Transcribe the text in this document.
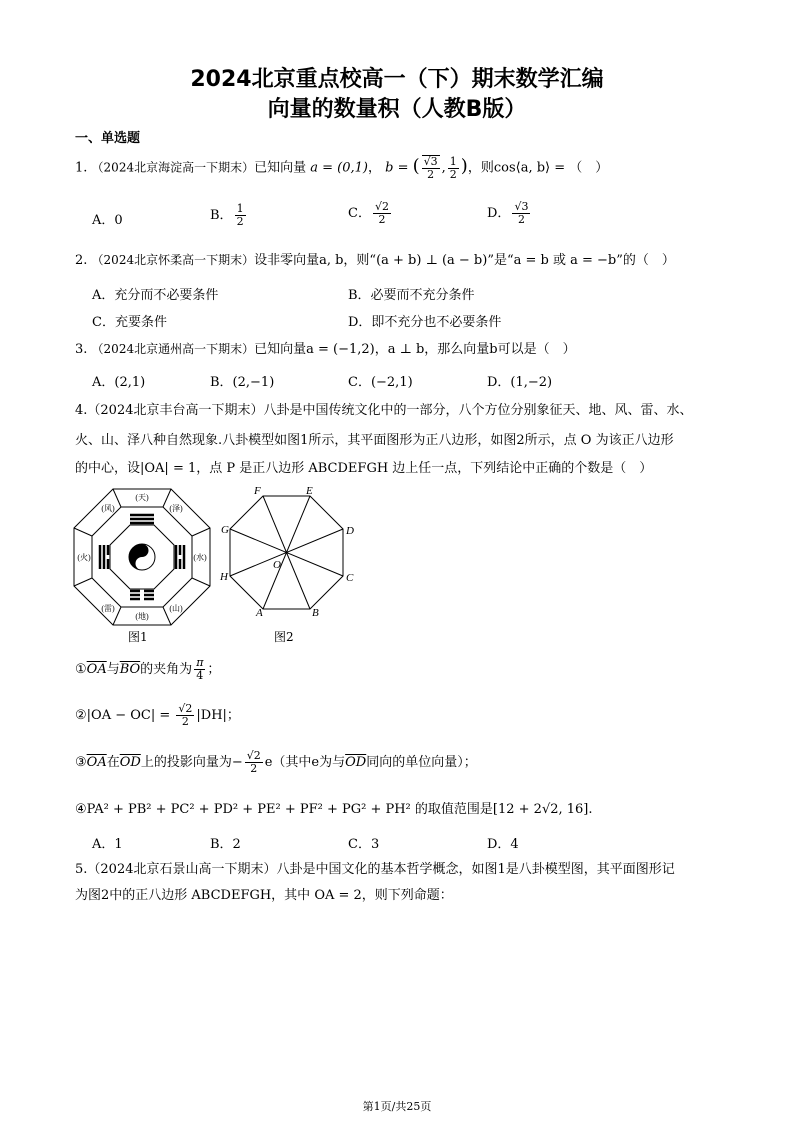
2024北京重点校高一（下）期末数学汇编
向量的数量积（人教B版）
一、单选题
1. （2024北京海淀高一下期末）已知向量 a = (0,1)， b = ( $\frac{√3}{2}$ , $\frac{1}{2}$ )，则cos⟨a, b⟩ = （　）
A．0	B． $\frac{1}{2}$	C． $\frac{√2}{2}$	D． $\frac{√3}{2}$
2. （2024北京怀柔高一下期末）设非零向量a, b，则“(a + b) ⊥ (a − b)”是“a = b 或 a = −b”的（　）
A．充分而不必要条件	B．必要而不充分条件
C．充要条件	D．即不充分也不必要条件
3. （2024北京通州高一下期末）已知向量a = (−1,2)，a ⊥ b，那么向量b可以是（　）
A．(2,1)	B．(2,−1)	C．(−2,1)	D．(1,−2)
4.（2024北京丰台高一下期末）八卦是中国传统文化中的一部分，八个方位分别象征天、地、风、雷、水、
火、山、泽八种自然现象.八卦模型如图1所示，其平面图形为正八边形，如图2所示，点 O 为该正八边形
的中心，设|OA| = 1，点 P 是正八边形 ABCDEFGH 边上任一点，下列结论中正确的个数是（　）
(天)
(泽)
(风)
(火)	(水)
(雷)	(山)
(地)
图1
A	B
C
D
E
F
G
H
O
图2
$①\overline{OA}$与$\overline{BO}$的夹角为 $\frac{\pi}{4}$ ；
②|OA − $OC| = \frac{√2}{2} |DH|$；
$③\overline{OA}$在$\overline{OD}$上的投影向量为− $\frac{√2}{2} e$（其中e为与$\overline{OD}$同向的单位向量）；
④PA² + PB² + PC² + PD² + PE² + PF² + PG² + PH² 的取值范围是[12 + 2√2, 16].
A．1	B．2	C．3	D．4
5.（2024北京石景山高一下期末）八卦是中国文化的基本哲学概念，如图1是八卦模型图，其平面图形记
为图2中的正八边形 ABCDEFGH，其中 OA = 2，则下列命题：
第1页/共25页
